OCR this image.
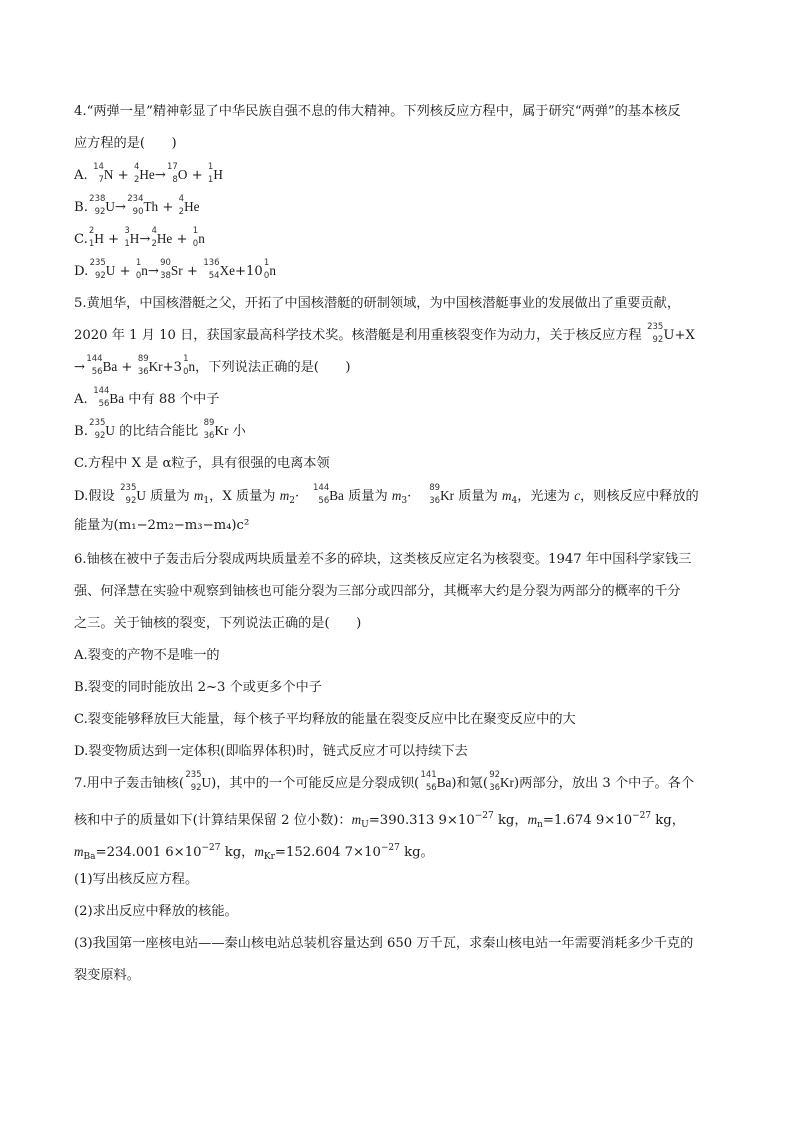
4.“两弹一星”精神彰显了中华民族自强不息的伟大精神。下列核反应方程中，属于研究“两弹”的基本核反
应方程的是(　　)
A.
14
7 N +
4
2 He→
17
8 O +
1
1 H
B.
238
92 U→
234
90 Th +
4
2 He
C.
2
1 H +
3
1 H→
4
2 He +
1
0 n
D.
235
92 U +
1
0 n→
90
38 Sr +
136
54 Xe+10
1
0 n
5.黄旭华，中国核潜艇之父，开拓了中国核潜艇的研制领域，为中国核潜艇事业的发展做出了重要贡献，
2020 年 1 月 10 日，获国家最高科学技术奖。核潜艇是利用重核裂变作为动力，关于核反应方程
235
92 U+X
→
144
56 Ba +
89
36 Kr+3
1
0 n，下列说法正确的是(　　)
A.
144
56 Ba 中有 88 个中子
B.
235
92 U 的比结合能比
89
36 Kr 小
C.方程中 X 是 α粒子，具有很强的电离本领
D.假设
235
92 U 质量为 $m_1$，X 质量为 $m_2\cdot$
144
56 Ba 质量为 $m_3\cdot$
89
36 Kr 质量为 $m_4$，光速为 c，则核反应中释放的
能量为(m₁−2m₂−m₃−m₄)c²
6.铀核在被中子轰击后分裂成两块质量差不多的碎块，这类核反应定名为核裂变。1947 年中国科学家钱三
强、何泽慧在实验中观察到铀核也可能分裂为三部分或四部分，其概率大约是分裂为两部分的概率的千分
之三。关于铀核的裂变，下列说法正确的是(　　)
A.裂变的产物不是唯一的
B.裂变的同时能放出 2~3 个或更多个中子
C.裂变能够释放巨大能量，每个核子平均释放的能量在裂变反应中比在聚变反应中的大
D.裂变物质达到一定体积(即临界体积)时，链式反应才可以持续下去
7.用中子轰击铀核(
235
92 U)，其中的一个可能反应是分裂成钡(
141
56 Ba)和氪(
92
36 Kr)两部分，放出 3 个中子。各个
核和中子的质量如下(计算结果保留 2 位小数)：$m_U=390.313$ $9\times 10^{-27}$ kg，$m_n=1.674$ $9\times 10^{-27}$ kg，
$m_{Ba}=234.001$ $6\times 10^{-27}$ kg，$m_{Kr}=152.604$ $7\times 10^{-27}$ kg。
(1)写出核反应方程。
(2)求出反应中释放的核能。
(3)我国第一座核电站——秦山核电站总装机容量达到 650 万千瓦，求秦山核电站一年需要消耗多少千克的
裂变原料。
